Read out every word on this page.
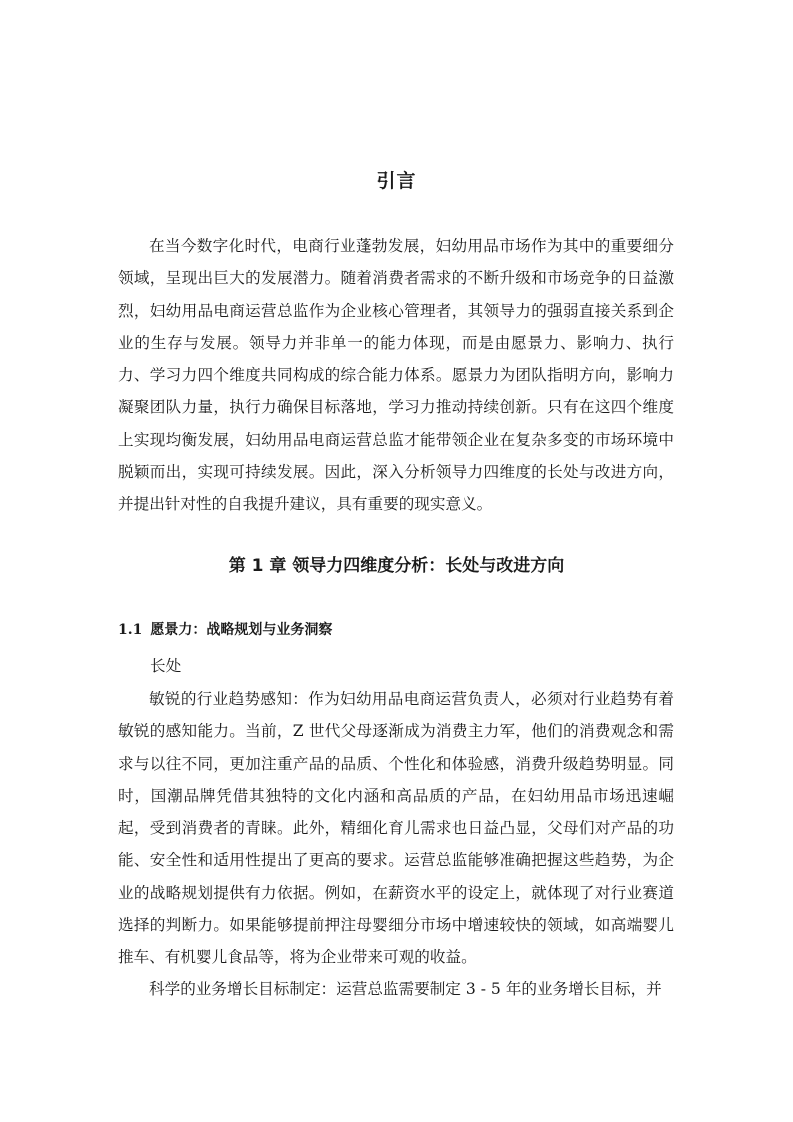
引言

在当今数字化时代，电商行业蓬勃发展，妇幼用品市场作为其中的重要细分领域，呈现出巨大的发展潜力。随着消费者需求的不断升级和市场竞争的日益激烈，妇幼用品电商运营总监作为企业核心管理者，其领导力的强弱直接关系到企业的生存与发展。领导力并非单一的能力体现，而是由愿景力、影响力、执行力、学习力四个维度共同构成的综合能力体系。愿景力为团队指明方向，影响力凝聚团队力量，执行力确保目标落地，学习力推动持续创新。只有在这四个维度上实现均衡发展，妇幼用品电商运营总监才能带领企业在复杂多变的市场环境中脱颖而出，实现可持续发展。因此，深入分析领导力四维度的长处与改进方向，并提出针对性的自我提升建议，具有重要的现实意义。

第 1 章 领导力四维度分析：长处与改进方向
1.1 愿景力：战略规划与业务洞察
长处

敏锐的行业趋势感知：作为妇幼用品电商运营负责人，必须对行业趋势有着敏锐的感知能力。当前，Z 世代父母逐渐成为消费主力军，他们的消费观念和需求与以往不同，更加注重产品的品质、个性化和体验感，消费升级趋势明显。同时，国潮品牌凭借其独特的文化内涵和高品质的产品，在妇幼用品市场迅速崛起，受到消费者的青睐。此外，精细化育儿需求也日益凸显，父母们对产品的功能、安全性和适用性提出了更高的要求。运营总监能够准确把握这些趋势，为企业的战略规划提供有力依据。例如，在薪资水平的设定上，就体现了对行业赛道选择的判断力。如果能够提前押注母婴细分市场中增速较快的领域，如高端婴儿推车、有机婴儿食品等，将为企业带来可观的收益。

科学的业务增长目标制定：运营总监需要制定 3 - 5 年的业务增长目标，并
